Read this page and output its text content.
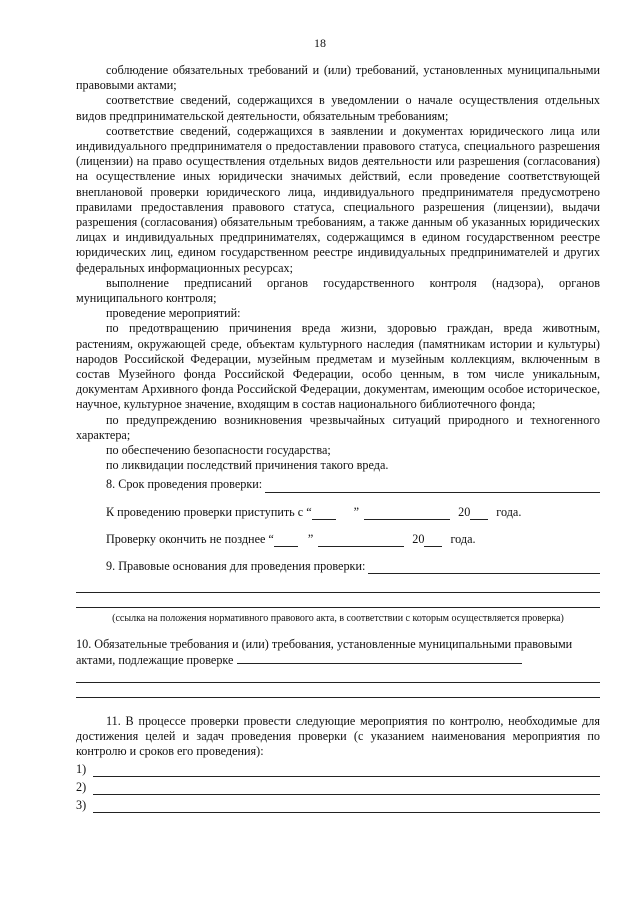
18

соблюдение обязательных требований и (или) требований, установленных муниципальными правовыми актами;

соответствие сведений, содержащихся в уведомлении о начале осуществления отдельных видов предпринимательской деятельности, обязательным требованиям;

соответствие сведений, содержащихся в заявлении и документах юридического лица или индивидуального предпринимателя о предоставлении правового статуса, специального разрешения (лицензии) на право осуществления отдельных видов деятельности или разрешения (согласования) на осуществление иных юридически значимых действий, если проведение соответствующей внеплановой проверки юридического лица, индивидуального предпринимателя предусмотрено правилами предоставления правового статуса, специального разрешения (лицензии), выдачи разрешения (согласования) обязательным требованиям, а также данным об указанных юридических лицах и индивидуальных предпринимателях, содержащимся в едином государственном реестре юридических лиц, едином государственном реестре индивидуальных предпринимателей и других федеральных информационных ресурсах;

выполнение предписаний органов государственного контроля (надзора), органов муниципального контроля;

проведение мероприятий:

по предотвращению причинения вреда жизни, здоровью граждан, вреда животным, растениям, окружающей среде, объектам культурного наследия (памятникам истории и культуры) народов Российской Федерации, музейным предметам и музейным коллекциям, включенным в состав Музейного фонда Российской Федерации, особо ценным, в том числе уникальным, документам Архивного фонда Российской Федерации, документам, имеющим особое историческое, научное, культурное значение, входящим в состав национального библиотечного фонда;

по предупреждению возникновения чрезвычайных ситуаций природного и техногенного характера;

по обеспечению безопасности государства;

по ликвидации последствий причинения такого вреда.

8. Срок проведения проверки:
К проведению проверки приступить с “	”	20 года.
Проверку окончить не позднее “	”	20 года.
9. Правовые основания для проведения проверки:
(ссылка на положения нормативного правового акта, в соответствии с которым осуществляется проверка)

10. Обязательные требования и (или) требования, установленные муниципальными правовыми актами, подлежащие проверке

11. В процессе проверки провести следующие мероприятия по контролю, необходимые для достижения целей и задач проведения проверки (с указанием наименования мероприятия по контролю и сроков его проведения):

1)
2)
3)
